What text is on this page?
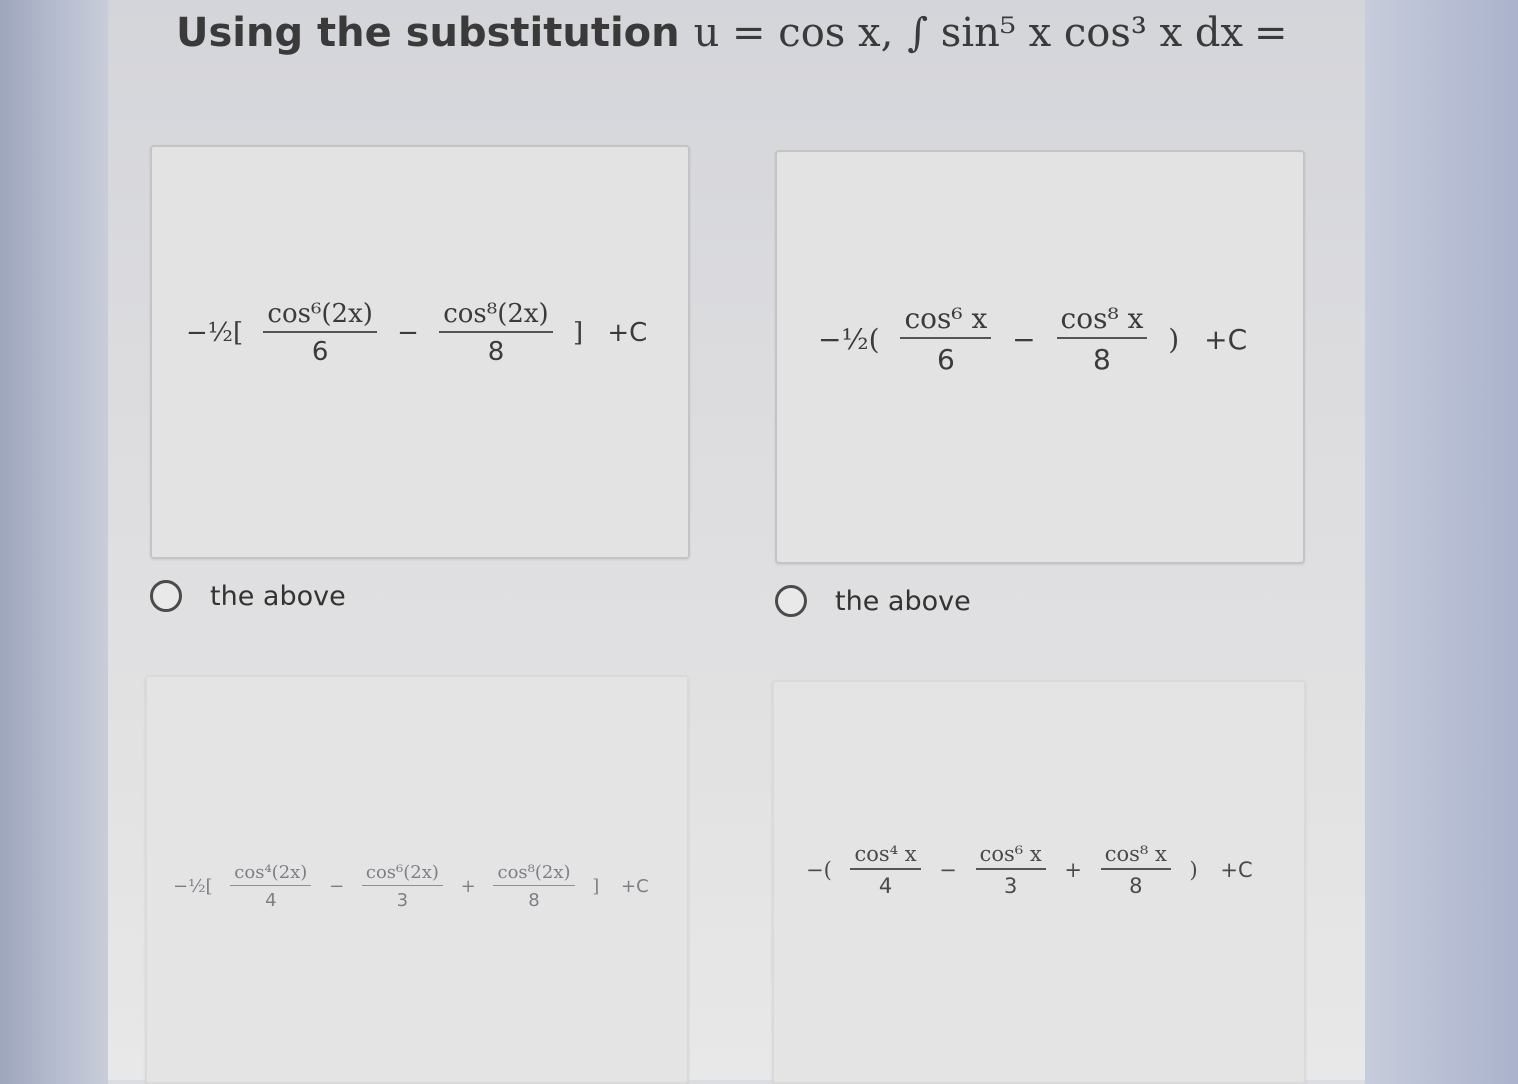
Using the substitution u = cos x, ∫ sin⁵ x cos³ x dx =
−½[ $\frac{\text{cos⁶(2x)}}{6} - \frac{\text{cos⁸(2x)}}{8}$ ] +C	−½( $\frac{\text{cos⁶ x}}{6} - \frac{\text{cos⁸ x}}{8}$ ) +C
the above	the above
−½[ $\frac{\text{cos⁴(2x)}}{4} - \frac{\text{cos⁶(2x)}}{3} + \frac{\text{cos⁸(2x)}}{8}$ ] +C
−( $\frac{\text{cos⁴ x}}{4} - \frac{\text{cos⁶ x}}{3} + \frac{\text{cos⁸ x}}{8}$ ) +C
